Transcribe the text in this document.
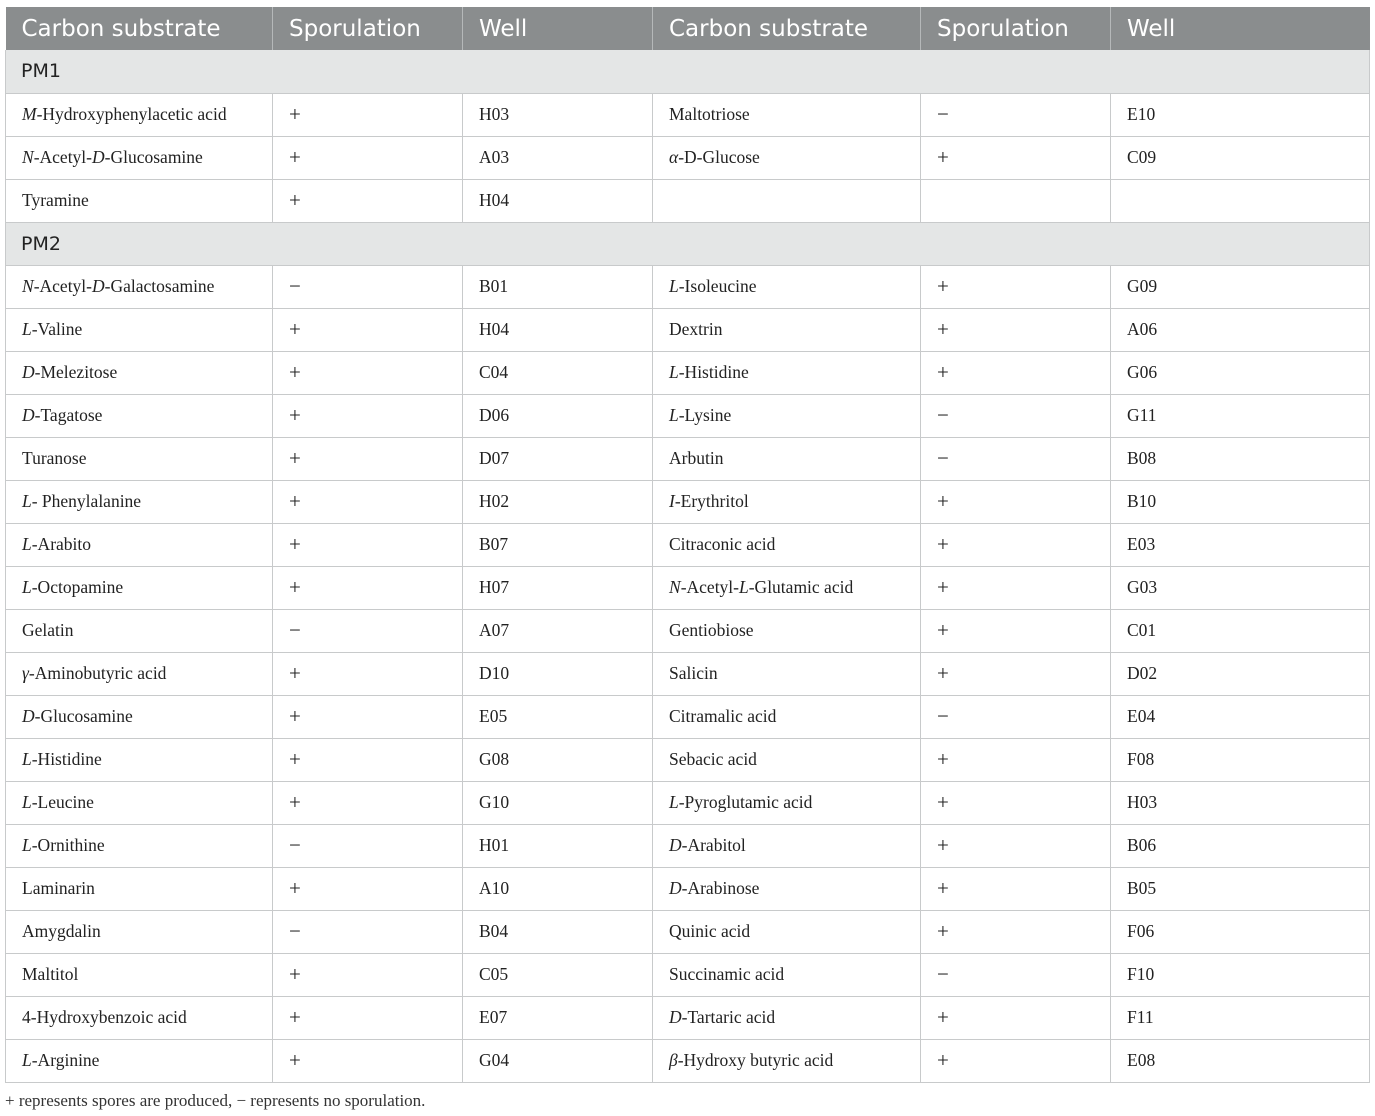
Carbon substrate	Sporulation	Well	Carbon substrate	Sporulation	Well
PM1					
M-Hydroxyphenylacetic acid	+	H03	Maltotriose	−	E10
N-Acetyl-D-Glucosamine	+	A03	α-D-Glucose	+	C09
Tyramine	+	H04			
PM2					
N-Acetyl-D-Galactosamine	−	B01	L-Isoleucine	+	G09
L-Valine	+	H04	Dextrin	+	A06
D-Melezitose	+	C04	L-Histidine	+	G06
D-Tagatose	+	D06	L-Lysine	−	G11
Turanose	+	D07	Arbutin	−	B08
L- Phenylalanine	+	H02	I-Erythritol	+	B10
L-Arabito	+	B07	Citraconic acid	+	E03
L-Octopamine	+	H07	N-Acetyl-L-Glutamic acid	+	G03
Gelatin	−	A07	Gentiobiose	+	C01
γ-Aminobutyric acid	+	D10	Salicin	+	D02
D-Glucosamine	+	E05	Citramalic acid	−	E04
L-Histidine	+	G08	Sebacic acid	+	F08
L-Leucine	+	G10	L-Pyroglutamic acid	+	H03
L-Ornithine	−	H01	D-Arabitol	+	B06
Laminarin	+	A10	D-Arabinose	+	B05
Amygdalin	−	B04	Quinic acid	+	F06
Maltitol	+	C05	Succinamic acid	−	F10
4-Hydroxybenzoic acid	+	E07	D-Tartaric acid	+	F11
L-Arginine	+	G04	β-Hydroxy butyric acid	+	E08
+ represents spores are produced, − represents no sporulation.
